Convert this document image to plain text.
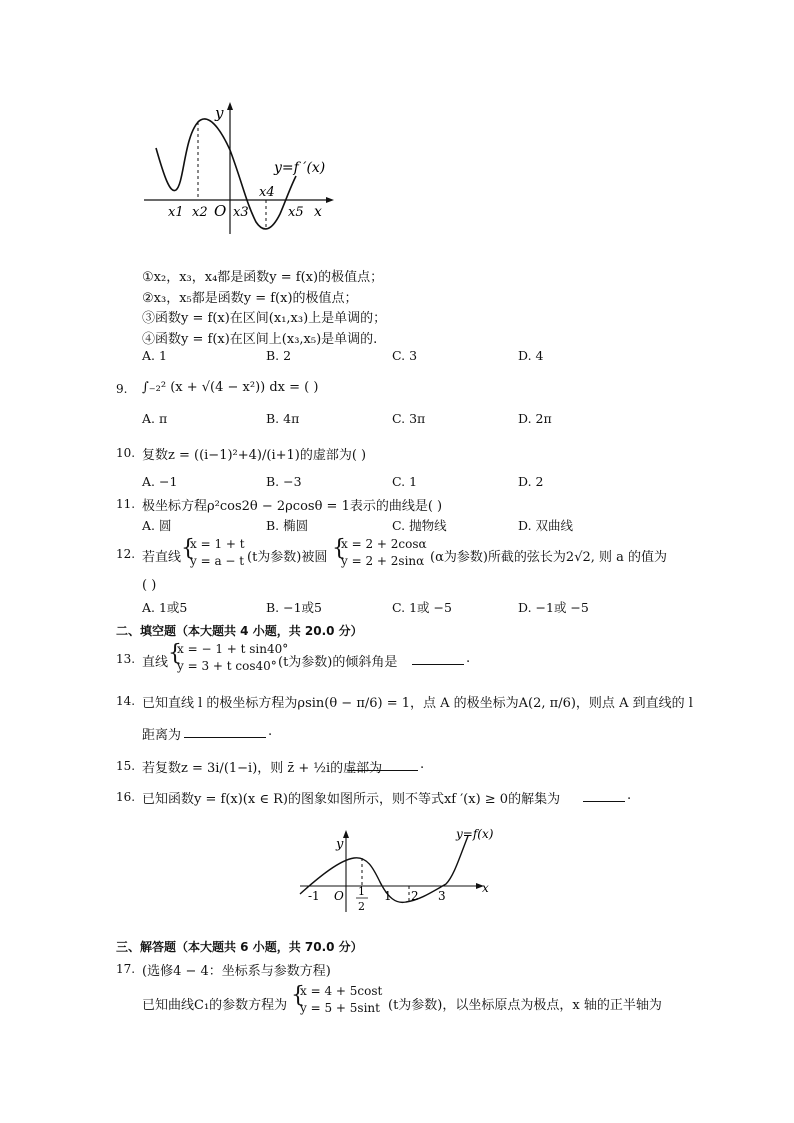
y
y=f ′(x)
O	x
x1 x2 x3
x4
x5
①x₂，x₃，x₄都是函数y = f(x)的极值点；
②x₃，x₅都是函数y = f(x)的极值点；
③函数y = f(x)在区间(x₁,x₃)上是单调的；
④函数y = f(x)在区间上(x₃,x₅)是单调的.
A. 1	B. 2	C. 3	D. 4
9. ∫₋₂² (x + √(4 − x²)) dx = ( )
A. π	B. 4π	C. 3π	D. 2π
10. 复数z = ((i−1)²+4)/(i+1)的虚部为( )
A. −1	B. −3	C. 1	D. 2
11. 极坐标方程ρ²cos2θ − 2ρcosθ = 1表示的曲线是( )
A. 圆	B. 椭圆	C. 抛物线	D. 双曲线
12. 若直线 {
x = 1 + t
y = a − t (t为参数)被圆 {
x = 2 + 2cosα
y = 2 + 2sinα (α为参数)所截的弦长为2√2, 则 a 的值为
( )
A. 1或5	B. −1或5	C. 1或 −5	D. −1或 −5
二、填空题（本大题共 4 小题，共 20.0 分）
13. 直线 {
x = − 1 + t sin40°
y = 3 + t cos40° (t为参数)的倾斜角是	.
14. 已知直线 l 的极坐标方程为ρsin(θ − π/6) = 1，点 A 的极坐标为A(2, π/6)，则点 A 到直线的 l
距离为	.
15. 若复数z = 3i/(1−i)，则 z̄ + ½i的虚部为	.
16. 已知函数y = f(x)(x ∈ R)的图象如图所示，则不等式xf ′(x) ≥ 0的解集为	.
y
y=f(x)
x
-1 O 1
2
1 2 3
三、解答题（本大题共 6 小题，共 70.0 分）
17. (选修4 − 4：坐标系与参数方程)
已知曲线C₁的参数方程为 {
x = 4 + 5cost
y = 5 + 5sint (t为参数)，以坐标原点为极点，x 轴的正半轴为
